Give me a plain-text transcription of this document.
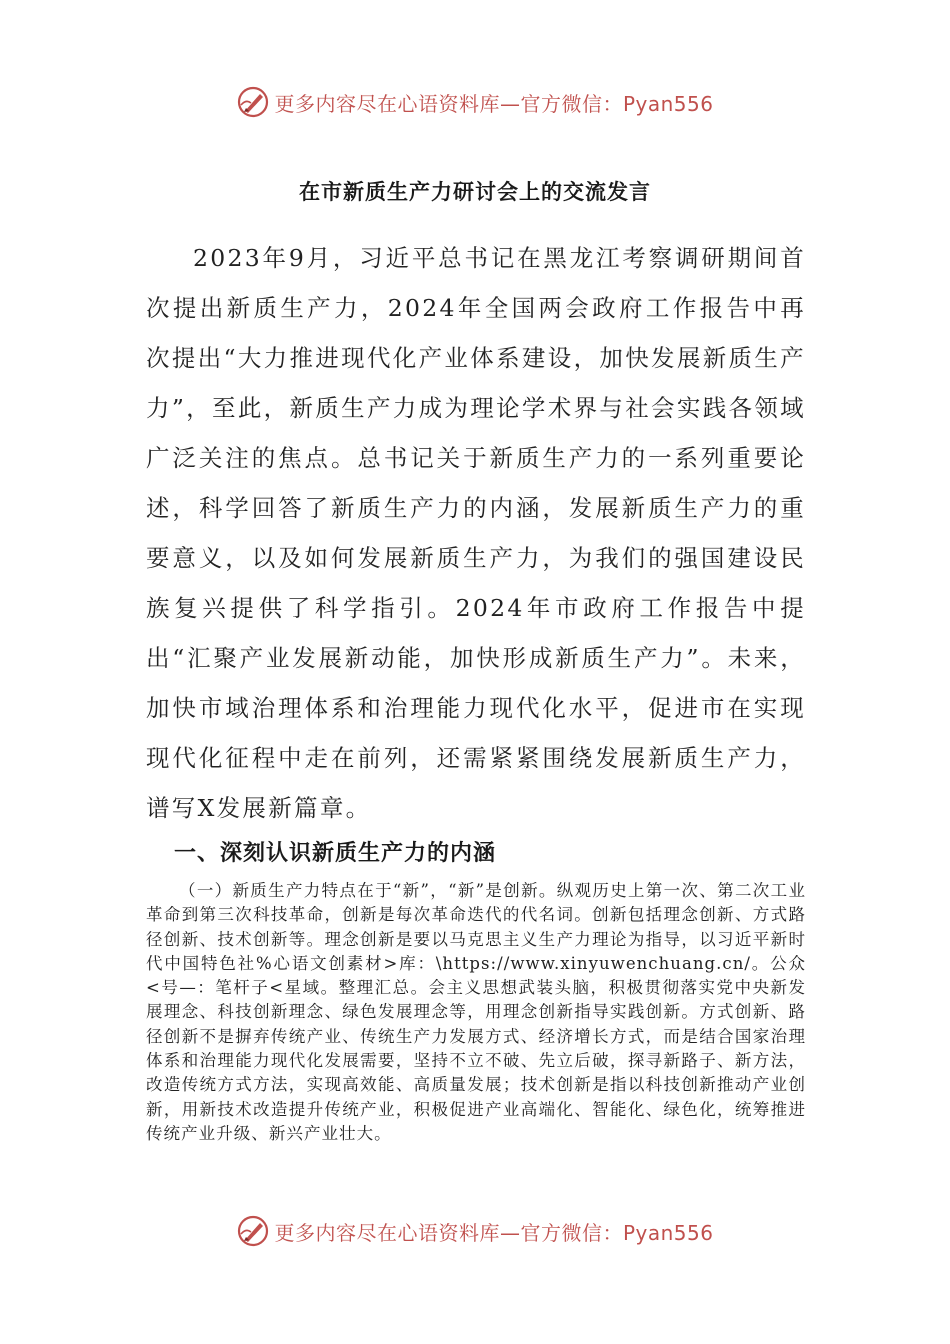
更多内容尽在心语资料库—官方微信：Pyan556
在市新质生产力研讨会上的交流发言

2023年9月，习近平总书记在黑龙江考察调研期间首次提出新质生产力，2024年全国两会政府工作报告中再次提出“大力推进现代化产业体系建设，加快发展新质生产力”，至此，新质生产力成为理论学术界与社会实践各领域广泛关注的焦点。总书记关于新质生产力的一系列重要论述，科学回答了新质生产力的内涵，发展新质生产力的重要意义，以及如何发展新质生产力，为我们的强国建设民族复兴提供了科学指引。2024年市政府工作报告中提出“汇聚产业发展新动能，加快形成新质生产力”。未来，加快市域治理体系和治理能力现代化水平，促进市在实现现代化征程中走在前列，还需紧紧围绕发展新质生产力，谱写X发展新篇章。

一、深刻认识新质生产力的内涵

（一）新质生产力特点在于“新”，“新”是创新。纵观历史上第一次、第二次工业革命到第三次科技革命，创新是每次革命迭代的代名词。创新包括理念创新、方式路径创新、技术创新等。理念创新是要以马克思主义生产力理论为指导，以习近平新时代中国特色社%心语文创素材>库：\https://www.xinyuwenchuang.cn/。公众<号—：笔杆子<星域。整理汇总。会主义思想武装头脑，积极贯彻落实党中央新发展理念、科技创新理念、绿色发展理念等，用理念创新指导实践创新。方式创新、路径创新不是摒弃传统产业、传统生产力发展方式、经济增长方式，而是结合国家治理体系和治理能力现代化发展需要，坚持不立不破、先立后破，探寻新路子、新方法，改造传统方式方法，实现高效能、高质量发展；技术创新是指以科技创新推动产业创新，用新技术改造提升传统产业，积极促进产业高端化、智能化、绿色化，统筹推进传统产业升级、新兴产业壮大。

更多内容尽在心语资料库—官方微信：Pyan556
